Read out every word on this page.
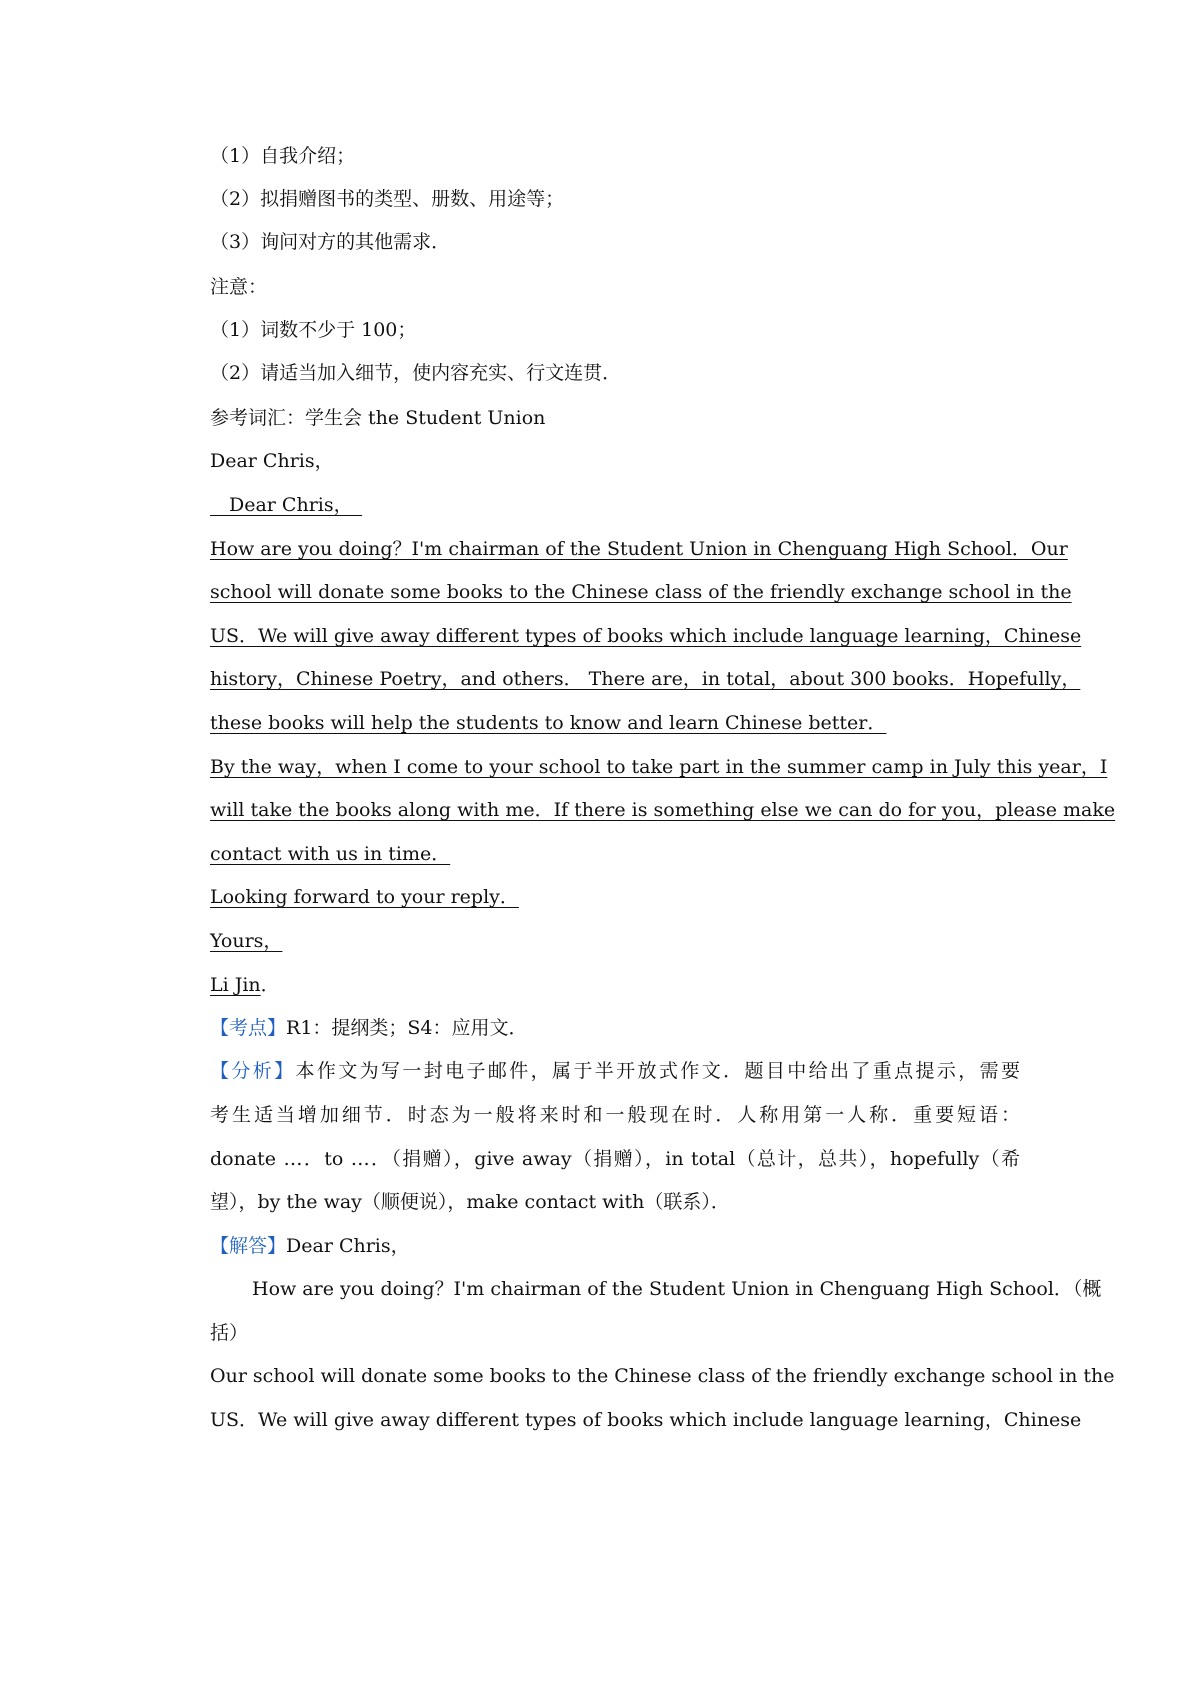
（1）自我介绍；
（2）拟捐赠图书的类型、册数、用途等；
（3）询问对方的其他需求．
注意：
（1）词数不少于 100；
（2）请适当加入细节，使内容充实、行文连贯．
参考词汇：学生会 the Student Union
Dear Chris，
　Dear Chris，　
How are you doing？I'm chairman of the Student Union in Chenguang High School．Our
school will donate some books to the Chinese class of the friendly exchange school in the
US．We will give away different types of books which include language learning，Chinese
history，Chinese Poetry，and others． There are，in total，about 300 books．Hopefully，
these books will help the students to know and learn Chinese better．
By the way，when I come to your school to take part in the summer camp in July this year，I
will take the books along with me．If there is something else we can do for you，please make
contact with us in time．
Looking forward to your reply．
Yours，
Li Jin．
【考点】R1：提纲类；S4：应用文．
【分析】本作文为写一封电子邮件，属于半开放式作文．题目中给出了重点提示，需要
考生适当增加细节．时态为一般将来时和一般现在时．人称用第一人称．重要短语：
donate …．to …．（捐赠），give away（捐赠），in total（总计，总共），hopefully（希
望），by the way（顺便说），make contact with（联系）．
【解答】Dear Chris，
How are you doing？I'm chairman of the Student Union in Chenguang High School．（概
括）
Our school will donate some books to the Chinese class of the friendly exchange school in the
US．We will give away different types of books which include language learning，Chinese
